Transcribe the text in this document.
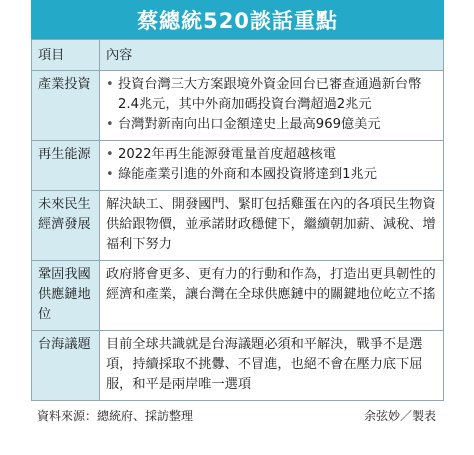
蔡總統520談話重點
項目	內容
產業投資	• 投資台灣三大方案跟境外資金回台已審查通過新台幣2.4兆元，其中外商加碼投資台灣超過2兆元
• 台灣對新南向出口金額達史上最高969億美元

再生能源	• 2022年再生能源發電量首度超越核電
• 綠能產業引進的外商和本國投資將達到1兆元

未來民生經濟發展	解決缺工、開發國門、緊盯包括雞蛋在內的各項民生物資供給跟物價，並承諾財政穩健下，繼續朝加薪、減稅、增福利下努力
鞏固我國供應鏈地位	政府將會更多、更有力的行動和作為，打造出更具韌性的經濟和產業，讓台灣在全球供應鏈中的關鍵地位屹立不搖
台海議題	目前全球共識就是台海議題必須和平解決，戰爭不是選項，持續採取不挑釁、不冒進，也絕不會在壓力底下屈服，和平是兩岸唯一選項
資料來源：總統府、採訪整理	余弦妙／製表
